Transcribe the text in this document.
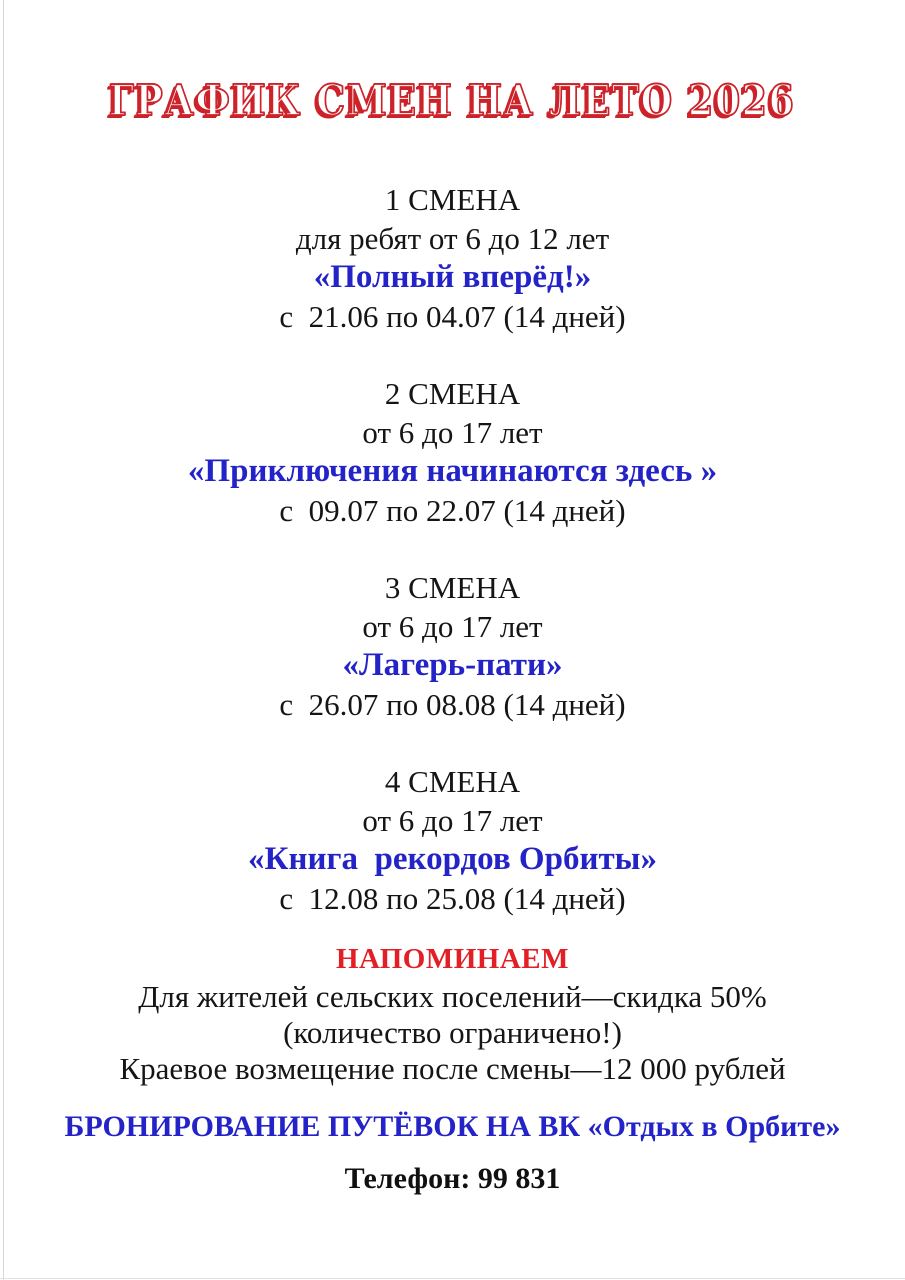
ГРАФИК СМЕН НА ЛЕТО 2026
1 СМЕНА
для ребят от 6 до 12 лет
«Полный вперёд!»
с  21.06 по 04.07 (14 дней)
2 СМЕНА
от 6 до 17 лет
«Приключения начинаются здесь »
с  09.07 по 22.07 (14 дней)
3 СМЕНА
от 6 до 17 лет
«Лагерь-пати»
с  26.07 по 08.08 (14 дней)
4 СМЕНА
от 6 до 17 лет
«Книга  рекордов Орбиты»
с  12.08 по 25.08 (14 дней)
НАПОМИНАЕМ
Для жителей сельских поселений—скидка 50%
(количество ограничено!)
Краевое возмещение после смены—12 000 рублей
БРОНИРОВАНИЕ ПУТЁВОК НА ВК «Отдых в Орбите»
Телефон: 99 831
